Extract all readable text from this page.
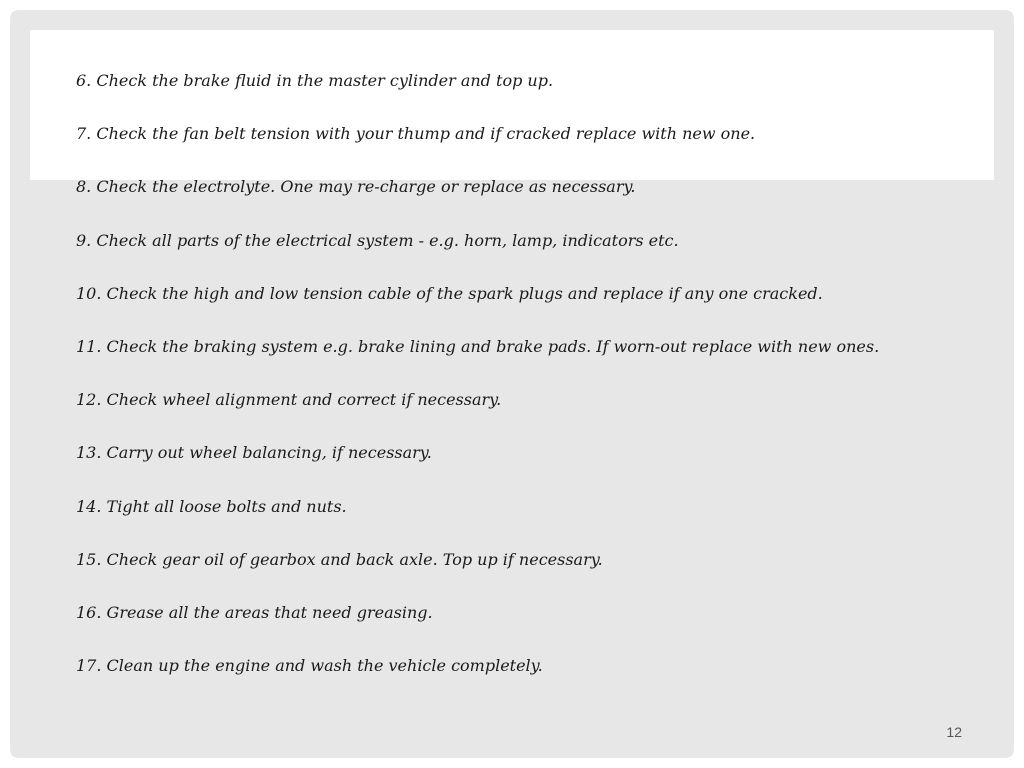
6. Check the brake fluid in the master cylinder and top up.
7. Check the fan belt tension with your thump and if cracked replace with new one.
8. Check the electrolyte. One may re-charge or replace as necessary.
9. Check all parts of the electrical system - e.g. horn, lamp, indicators etc.
10. Check the high and low tension cable of the spark plugs and replace if any one cracked.
11. Check the braking system e.g. brake lining and brake pads. If worn-out replace with new ones.
12. Check wheel alignment and correct if necessary.
13. Carry out wheel balancing, if necessary.
14. Tight all loose bolts and nuts.
15. Check gear oil of gearbox and back axle. Top up if necessary.
16. Grease all the areas that need greasing.
17. Clean up the engine and wash the vehicle completely.
12
